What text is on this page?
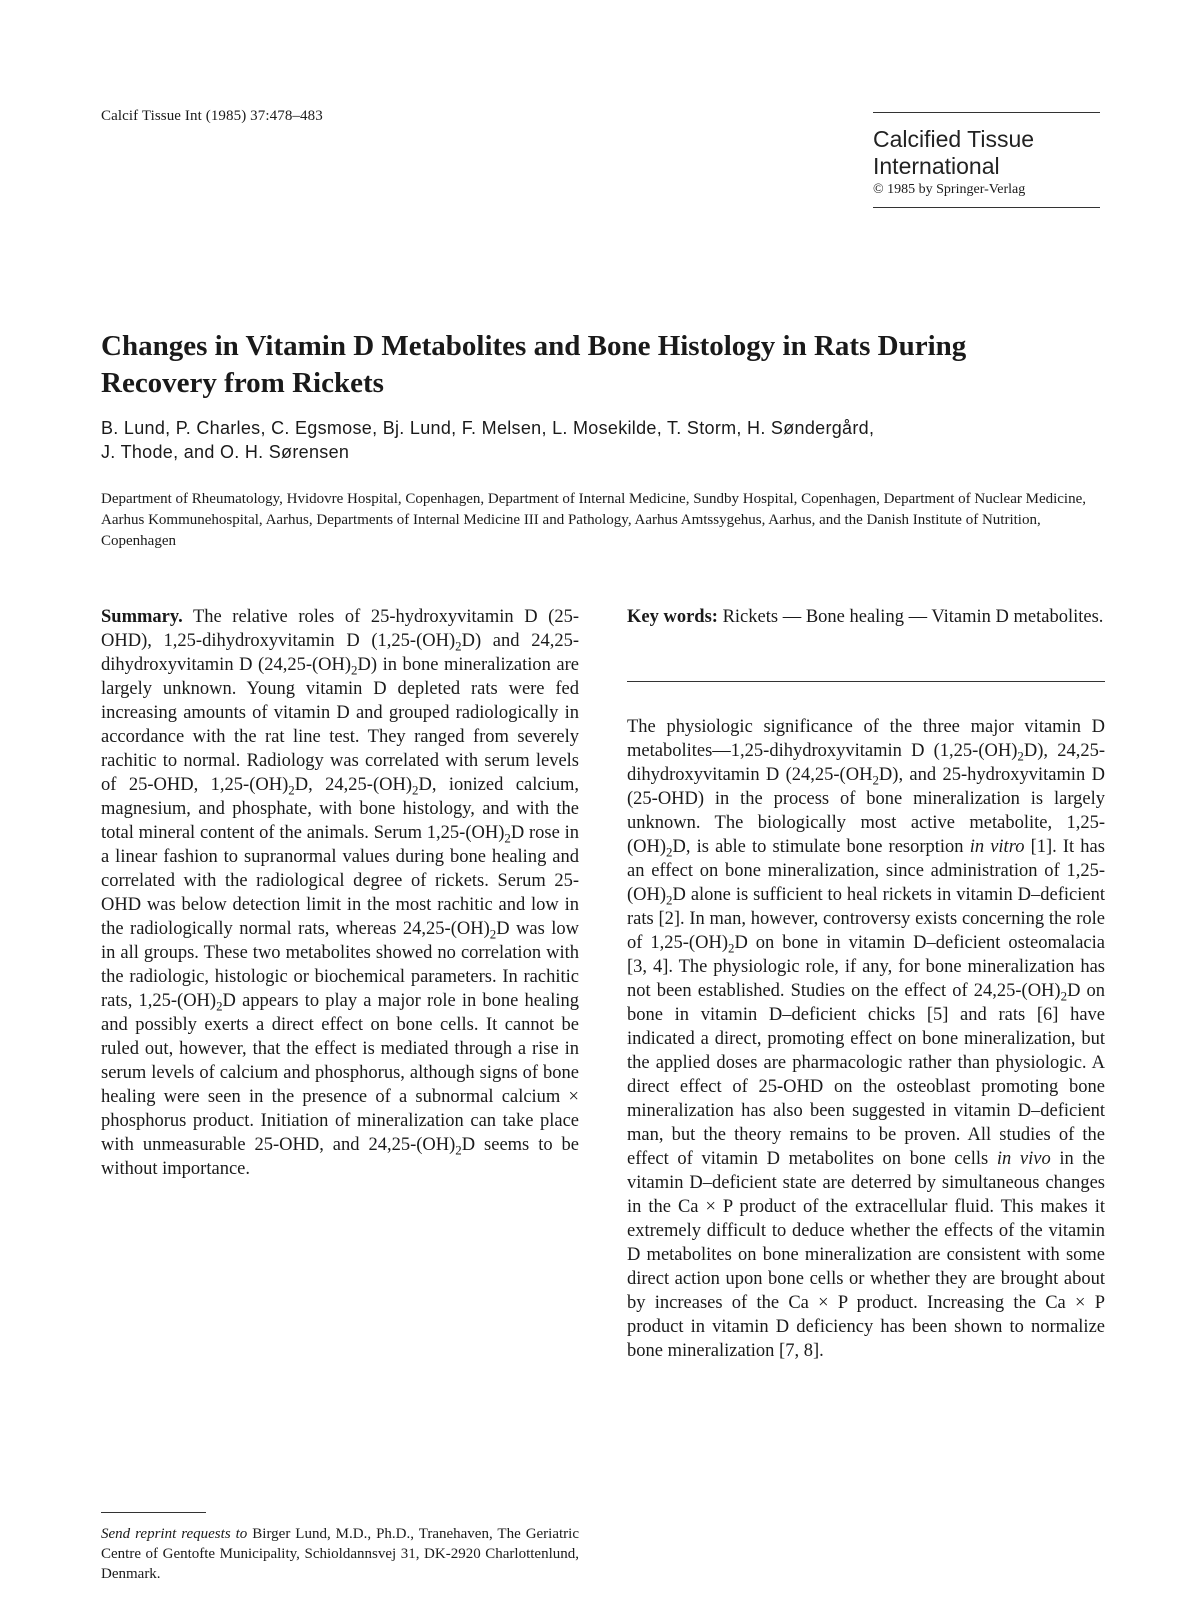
Calcif Tissue Int (1985) 37:478–483
Calcified Tissue
International
© 1985 by Springer-Verlag
Changes in Vitamin D Metabolites and Bone Histology in Rats During Recovery from Rickets
B. Lund, P. Charles, C. Egsmose, Bj. Lund, F. Melsen, L. Mosekilde, T. Storm, H. Søndergård,
J. Thode, and O. H. Sørensen
Department of Rheumatology, Hvidovre Hospital, Copenhagen, Department of Internal Medicine, Sundby Hospital, Copenhagen, Department of Nuclear Medicine, Aarhus Kommunehospital, Aarhus, Departments of Internal Medicine III and Pathology, Aarhus Amtssygehus, Aarhus, and the Danish Institute of Nutrition, Copenhagen
Summary. The relative roles of 25-hydroxyvitamin D (25-OHD), 1,25-dihydroxyvitamin D $(1,25-(OH)_2D)$ and 24,25-dihydroxyvitamin D $(24,25-(OH)_2D)$ in bone mineralization are largely unknown. Young vitamin D depleted rats were fed increasing amounts of vitamin D and grouped radiologically in accordance with the rat line test. They ranged from severely rachitic to normal. Radiology was correlated with serum levels of 25-OHD, $1,25-(OH)_2D$, $24,25-(OH)_2D$, ionized calcium, magnesium, and phosphate, with bone histology, and with the total mineral content of the animals. Serum $1,25-(OH)_2D$ rose in a linear fashion to supranormal values during bone healing and correlated with the radiological degree of rickets. Serum 25-OHD was below detection limit in the most rachitic and low in the radiologically normal rats, whereas $24,25-(OH)_2D$ was low in all groups. These two metabolites showed no correlation with the radiologic, histologic or biochemical parameters. In rachitic rats, $1,25-(OH)_2D$ appears to play a major role in bone healing and possibly exerts a direct effect on bone cells. It cannot be ruled out, however, that the effect is mediated through a rise in serum levels of calcium and phosphorus, although signs of bone healing were seen in the presence of a subnormal calcium × phosphorus product. Initiation of mineralization can take place with unmeasurable 25-OHD, and $24,25-(OH)_2D$ seems to be without importance.
Key words: Rickets — Bone healing — Vitamin D metabolites.
The physiologic significance of the three major vitamin D metabolites—1,25-dihydroxyvitamin D $(1,25-(OH)_2D)$, 24,25-dihydroxyvitamin D ($24,25-(OH_2D)$, and 25-hydroxyvitamin D (25-OHD) in the process of bone mineralization is largely unknown. The biologically most active metabolite, $1,25-(OH)_2D$, is able to stimulate bone resorption in vitro [1]. It has an effect on bone mineralization, since administration of $1,25-(OH)_2D$ alone is sufficient to heal rickets in vitamin D–deficient rats [2]. In man, however, controversy exists concerning the role of $1,25-(OH)_2D$ on bone in vitamin D–deficient osteomalacia [3, 4]. The physiologic role, if any, for bone mineralization has not been established. Studies on the effect of $24,25-(OH)_2D$ on bone in vitamin D–deficient chicks [5] and rats [6] have indicated a direct, promoting effect on bone mineralization, but the applied doses are pharmacologic rather than physiologic. A direct effect of 25-OHD on the osteoblast promoting bone mineralization has also been suggested in vitamin D–deficient man, but the theory remains to be proven. All studies of the effect of vitamin D metabolites on bone cells in vivo in the vitamin D–deficient state are deterred by simultaneous changes in the Ca × P product of the extracellular fluid. This makes it extremely difficult to deduce whether the effects of the vitamin D metabolites on bone mineralization are consistent with some direct action upon bone cells or whether they are brought about by increases of the Ca × P product. Increasing the Ca × P product in vitamin D deficiency has been shown to normalize bone mineralization [7, 8].
Send reprint requests to Birger Lund, M.D., Ph.D., Tranehaven, The Geriatric Centre of Gentofte Municipality, Schioldannsvej 31, DK-2920 Charlottenlund, Denmark.
